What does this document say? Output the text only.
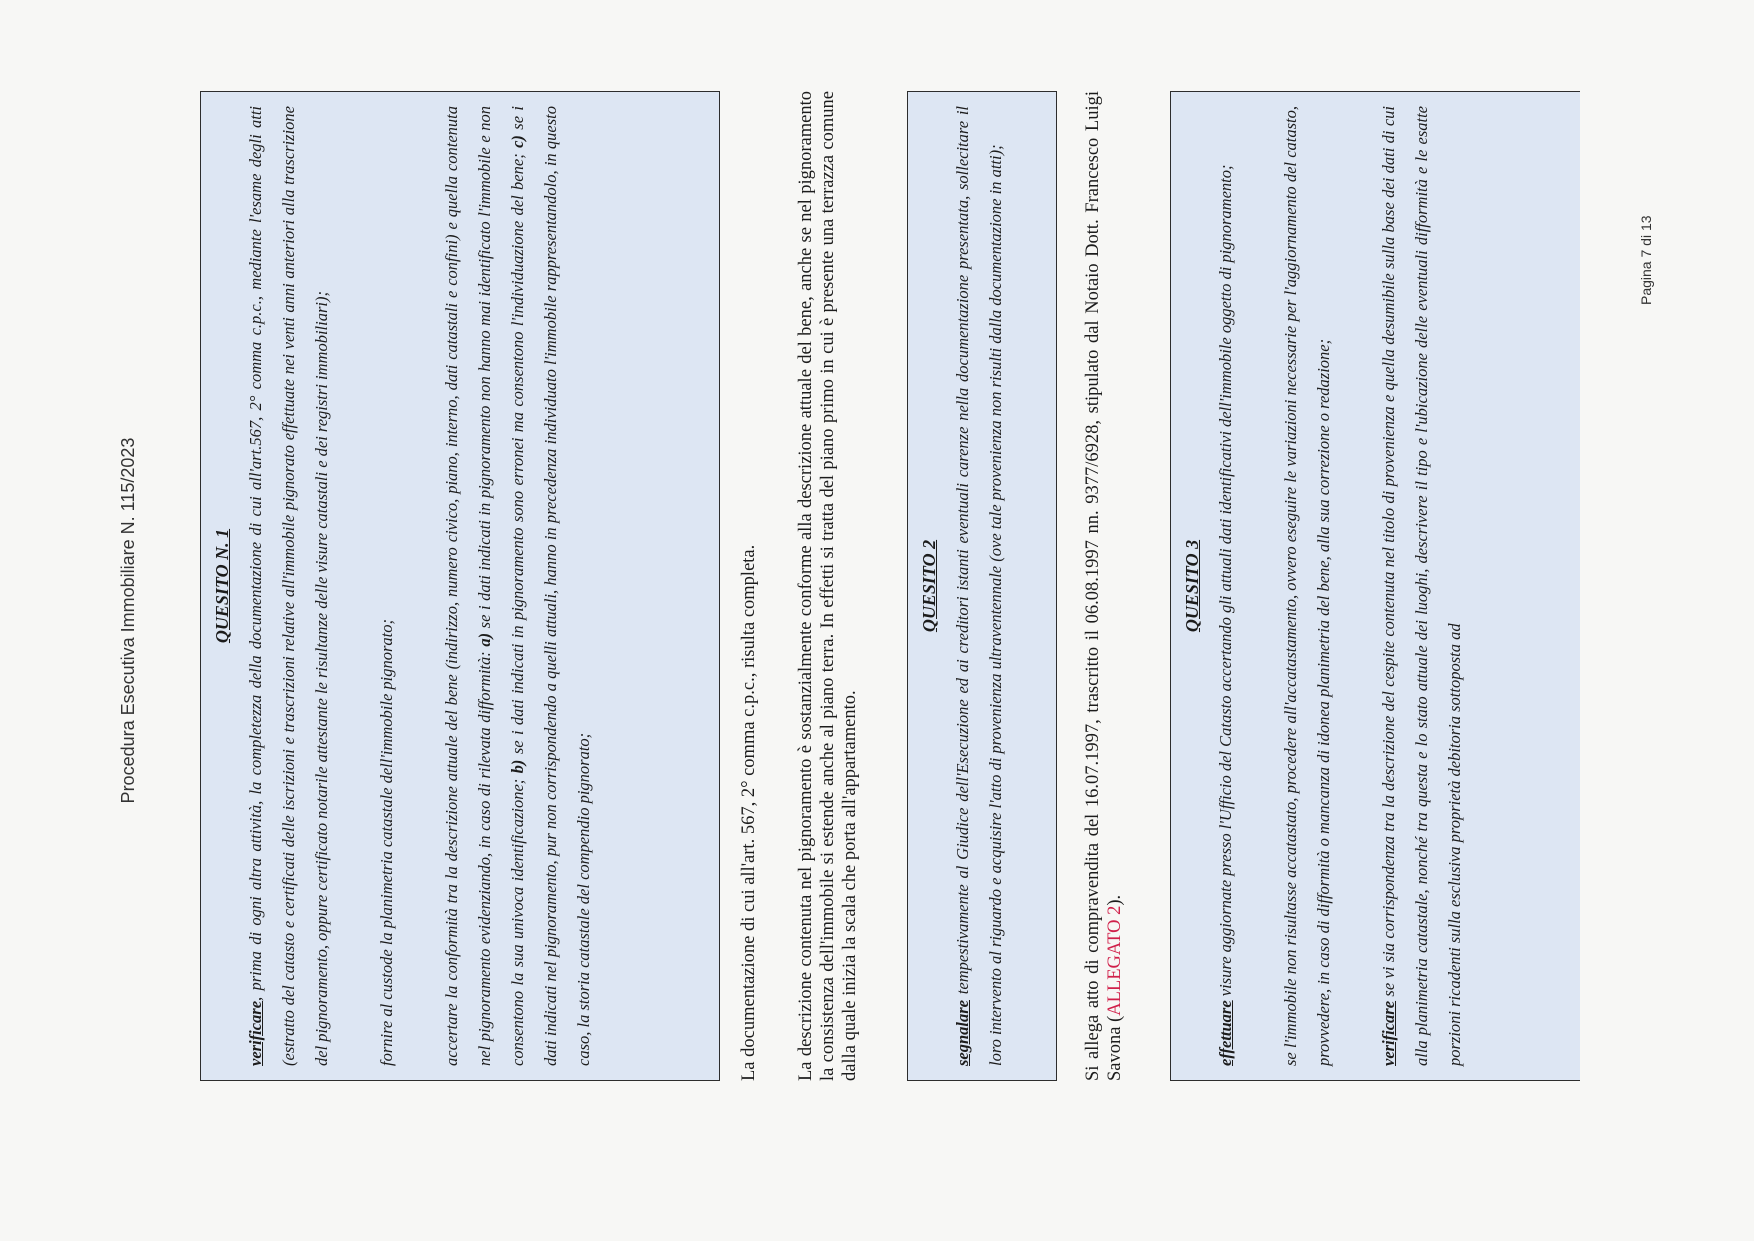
Procedura Esecutiva Immobiliare N. 115/2023	QUESITO N. 1

verificare, prima di ogni altra attività, la completezza della documentazione di cui all'art.567, 2° comma c.p.c., mediante l'esame degli atti (estratto del catasto e certificati delle iscrizioni e trascrizioni relative all'immobile pignorato effettuate nei venti anni anteriori alla trascrizione del pignoramento, oppure certificato notarile attestante le risultanze delle visure catastali e dei registri immobiliari);	fornire al custode la planimetria catastale dell'immobile pignorato;	accertare la conformità tra la descrizione attuale del bene (indirizzo, numero civico, piano, interno, dati catastali e confini) e quella contenuta nel pignoramento evidenziando, in caso di rilevata difformità: a) se i dati indicati in pignoramento non hanno mai identificato l'immobile e non consentono la sua univoca identificazione; b) se i dati indicati in pignoramento sono erronei ma consentono l'individuazione del bene; c) se i dati indicati nel pignoramento, pur non corrispondendo a quelli attuali, hanno in precedenza individuato l'immobile rappresentandolo, in questo caso, la storia catastale del compendio pignorato;	La documentazione di cui all'art. 567, 2° comma c.p.c., risulta completa. La descrizione contenuta nel pignoramento è sostanzialmente conforme alla descrizione attuale del bene, anche se nel pignoramento la consistenza dell'immobile si estende anche al piano terra. In effetti si tratta del piano primo in cui è presente una terrazza comune dalla quale inizia la scala che porta all'appartamento.
QUESITO 2

segnalare tempestivamente al Giudice dell'Esecuzione ed ai creditori istanti eventuali carenze nella documentazione presentata, sollecitare il loro intervento al riguardo e acquisire l'atto di provenienza ultraventennale (ove tale provenienza non risulti dalla documentazione in atti);	Si allega atto di compravendita del 16.07.1997, trascritto il 06.08.1997 nn. 9377/6928, stipulato dal Notaio Dott. Francesco Luigi Savona (ALLEGATO 2).
QUESITO 3

effettuare visure aggiornate presso l'Ufficio del Catasto accertando gli attuali dati identificativi dell'immobile oggetto di pignoramento;	se l'immobile non risultasse accatastato, procedere all'accatastamento, ovvero eseguire le variazioni necessarie per l'aggiornamento del catasto, provvedere, in caso di difformità o mancanza di idonea planimetria del bene, alla sua correzione o redazione;	verificare se vi sia corrispondenza tra la descrizione del cespite contenuta nel titolo di provenienza e quella desumibile sulla base dei dati di cui alla planimetria catastale, nonché tra questa e lo stato attuale dei luoghi, descrivere il tipo e l'ubicazione delle eventuali difformità e le esatte porzioni ricadenti sulla esclusiva proprietà debitoria sottoposta ad

Pagina 7 di 13
